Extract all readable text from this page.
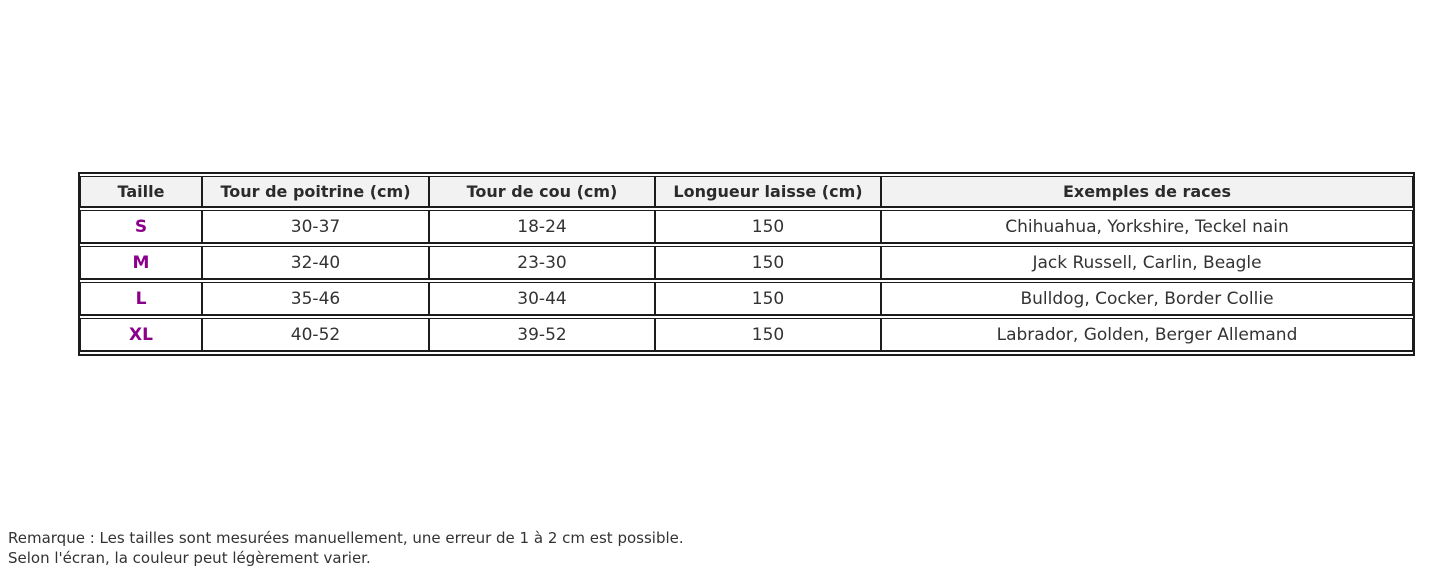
Taille	Tour de poitrine (cm)	Tour de cou (cm)	Longueur laisse (cm)	Exemples de races
S	30-37	18-24	150	Chihuahua, Yorkshire, Teckel nain
M	32-40	23-30	150	Jack Russell, Carlin, Beagle
L	35-46	30-44	150	Bulldog, Cocker, Border Collie
XL	40-52	39-52	150	Labrador, Golden, Berger Allemand
Remarque : Les tailles sont mesurées manuellement, une erreur de 1 à 2 cm est possible.
Selon l'écran, la couleur peut légèrement varier.
